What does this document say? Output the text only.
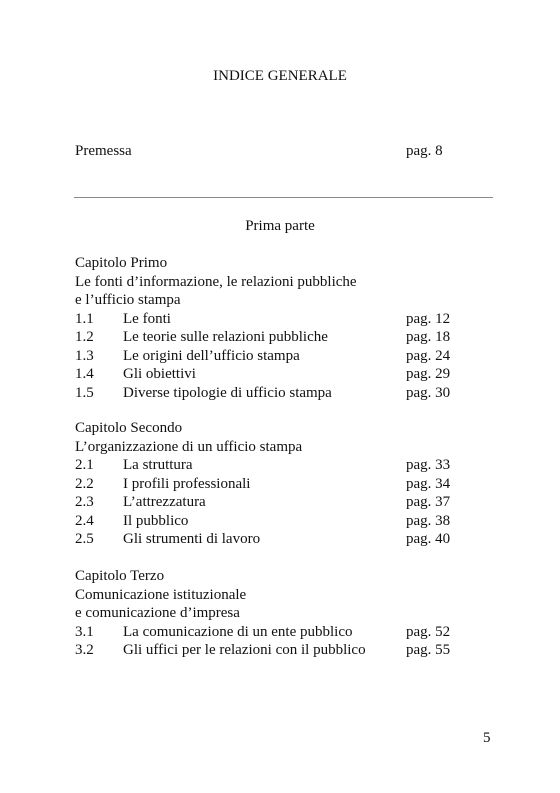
INDICE GENERALE
Premessa	pag. 8
Prima parte
Capitolo Primo
Le fonti d’informazione, le relazioni pubbliche
e l’ufficio stampa
1.1 Le fonti	pag. 12
1.2 Le teorie sulle relazioni pubbliche	pag. 18
1.3 Le origini dell’ufficio stampa	pag. 24
1.4 Gli obiettivi	pag. 29
1.5 Diverse tipologie di ufficio stampa	pag. 30
Capitolo Secondo
L’organizzazione di un ufficio stampa
2.1 La struttura	pag. 33
2.2 I profili professionali	pag. 34
2.3 L’attrezzatura	pag. 37
2.4 Il pubblico	pag. 38
2.5 Gli strumenti di lavoro	pag. 40
Capitolo Terzo
Comunicazione istituzionale
e comunicazione d’impresa
3.1 La comunicazione di un ente pubblico	pag. 52
3.2 Gli uffici per le relazioni con il pubblico	pag. 55
5
